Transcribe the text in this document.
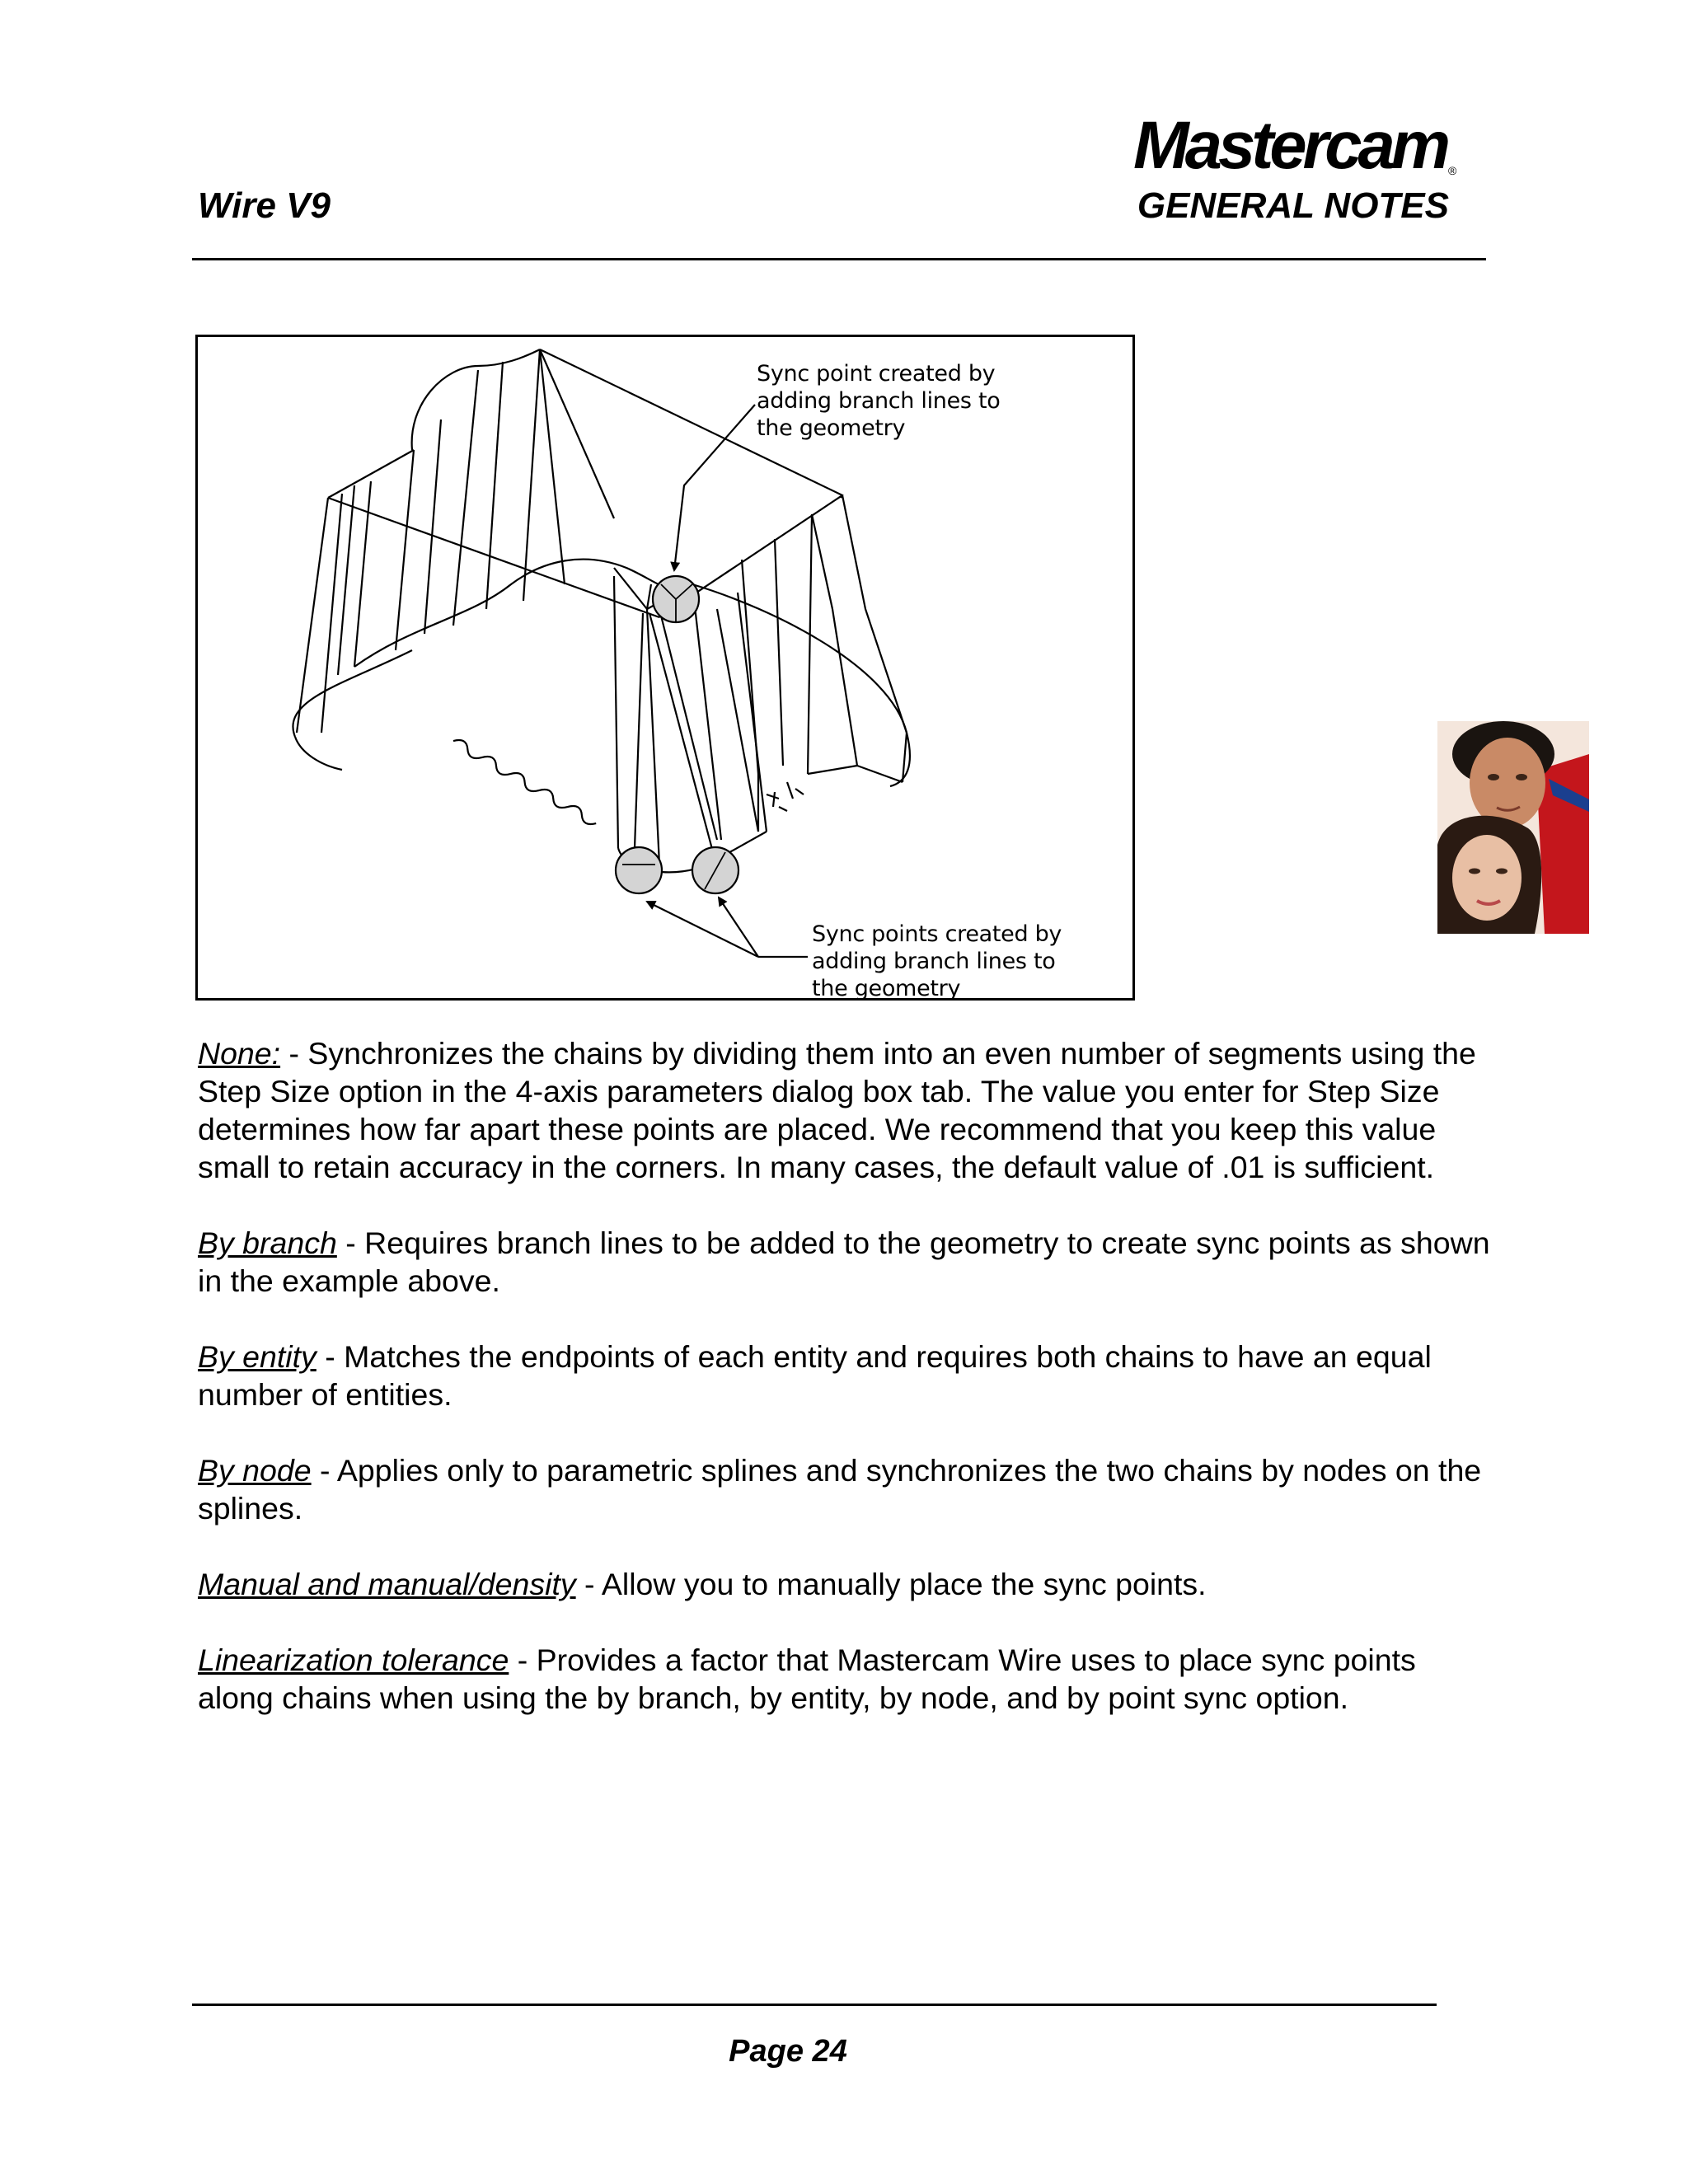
Mastercam ®
Wire V9	GENERAL NOTES
Sync point created by
adding branch lines to
the geometry
Sync points created by
adding branch lines to
the geometry

None: - Synchronizes the chains by dividing them into an even number of segments using the Step Size option in the 4-axis parameters dialog box tab. The value you enter for Step Size determines how far apart these points are placed. We recommend that you keep this value small to retain accuracy in the corners. In many cases, the default value of .01 is sufficient.

By branch - Requires branch lines to be added to the geometry to create sync points as shown in the example above.

By entity - Matches the endpoints of each entity and requires both chains to have an equal number of entities.

By node - Applies only to parametric splines and synchronizes the two chains by nodes on the splines.

Manual and manual/density - Allow you to manually place the sync points.

Linearization tolerance - Provides a factor that Mastercam Wire uses to place sync points along chains when using the by branch, by entity, by node, and by point sync option.

Page 24
